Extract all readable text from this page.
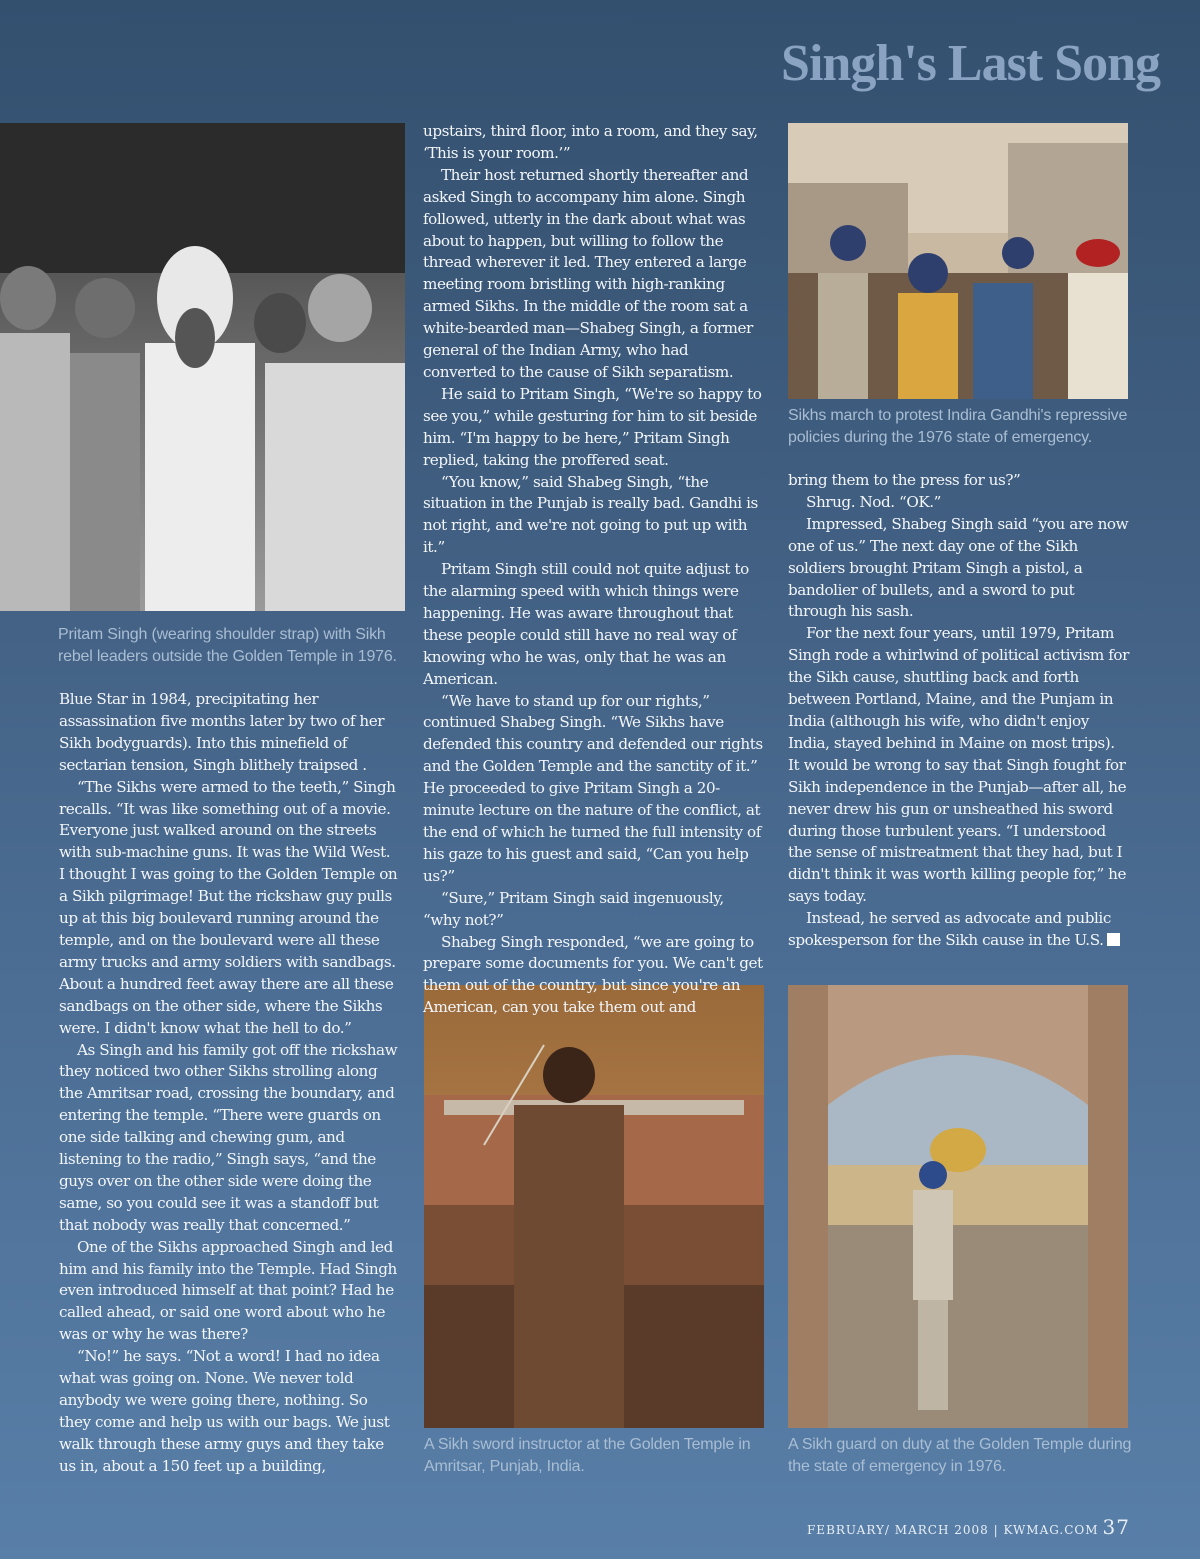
Singh's Last Song
Pritam Singh (wearing shoulder strap) with Sikh rebel leaders outside the Golden Temple in 1976.
Sikhs march to protest Indira Gandhi's repressive policies during the 1976 state of emergency.
A Sikh sword instructor at the Golden Temple in Amritsar, Punjab, India.
A Sikh guard on duty at the Golden Temple during the state of emergency in 1976.

Blue Star in 1984, precipitating her assassination five months later by two of her Sikh bodyguards). Into this minefield of sectarian tension, Singh blithely traipsed .

“The Sikhs were armed to the teeth,” Singh recalls. “It was like something out of a movie. Everyone just walked around on the streets with sub-machine guns. It was the Wild West. I thought I was going to the Golden Temple on a Sikh pilgrimage! But the rickshaw guy pulls up at this big boulevard running around the temple, and on the boulevard were all these army trucks and army soldiers with sandbags. About a hundred feet away there are all these sandbags on the other side, where the Sikhs were. I didn't know what the hell to do.”

As Singh and his family got off the rickshaw they noticed two other Sikhs strolling along the Amritsar road, crossing the boundary, and entering the temple. “There were guards on one side talking and chewing gum, and listening to the radio,” Singh says, “and the guys over on the other side were doing the same, so you could see it was a standoff but that nobody was really that concerned.”

One of the Sikhs approached Singh and led him and his family into the Temple. Had Singh even introduced himself at that point? Had he called ahead, or said one word about who he was or why he was there?

“No!” he says. “Not a word! I had no idea what was going on. None. We never told anybody we were going there, nothing. So they come and help us with our bags. We just walk through these army guys and they take us in, about a 150 feet up a building,

upstairs, third floor, into a room, and they say, ‘This is your room.’”

Their host returned shortly thereafter and asked Singh to accompany him alone. Singh followed, utterly in the dark about what was about to happen, but willing to follow the thread wherever it led. They entered a large meeting room bristling with high-ranking armed Sikhs. In the middle of the room sat a white-bearded man—Shabeg Singh, a former general of the Indian Army, who had converted to the cause of Sikh separatism.

He said to Pritam Singh, “We're so happy to see you,” while gesturing for him to sit beside him. “I'm happy to be here,” Pritam Singh replied, taking the proffered seat.

“You know,” said Shabeg Singh, “the situation in the Punjab is really bad. Gandhi is not right, and we're not going to put up with it.”

Pritam Singh still could not quite adjust to the alarming speed with which things were happening. He was aware throughout that these people could still have no real way of knowing who he was, only that he was an American.

“We have to stand up for our rights,” continued Shabeg Singh. “We Sikhs have defended this country and defended our rights and the Golden Temple and the sanctity of it.” He proceeded to give Pritam Singh a 20-minute lecture on the nature of the conflict, at the end of which he turned the full intensity of his gaze to his guest and said, “Can you help us?”

“Sure,” Pritam Singh said ingenuously, “why not?”

Shabeg Singh responded, “we are going to prepare some documents for you. We can't get them out of the country, but since you're an American, can you take them out and

bring them to the press for us?”

Shrug. Nod. “OK.”

Impressed, Shabeg Singh said “you are now one of us.” The next day one of the Sikh soldiers brought Pritam Singh a pistol, a bandolier of bullets, and a sword to put through his sash.

For the next four years, until 1979, Pritam Singh rode a whirlwind of political activism for the Sikh cause, shuttling back and forth between Portland, Maine, and the Punjam in India (although his wife, who didn't enjoy India, stayed behind in Maine on most trips). It would be wrong to say that Singh fought for Sikh independence in the Punjab—after all, he never drew his gun or unsheathed his sword during those turbulent years. “I understood the sense of mistreatment that they had, but I didn't think it was worth killing people for,” he says today.

Instead, he served as advocate and public spokesperson for the Sikh cause in the U.S.

FEBRUARY/ MARCH 2008 | KWMAG.COM 37
